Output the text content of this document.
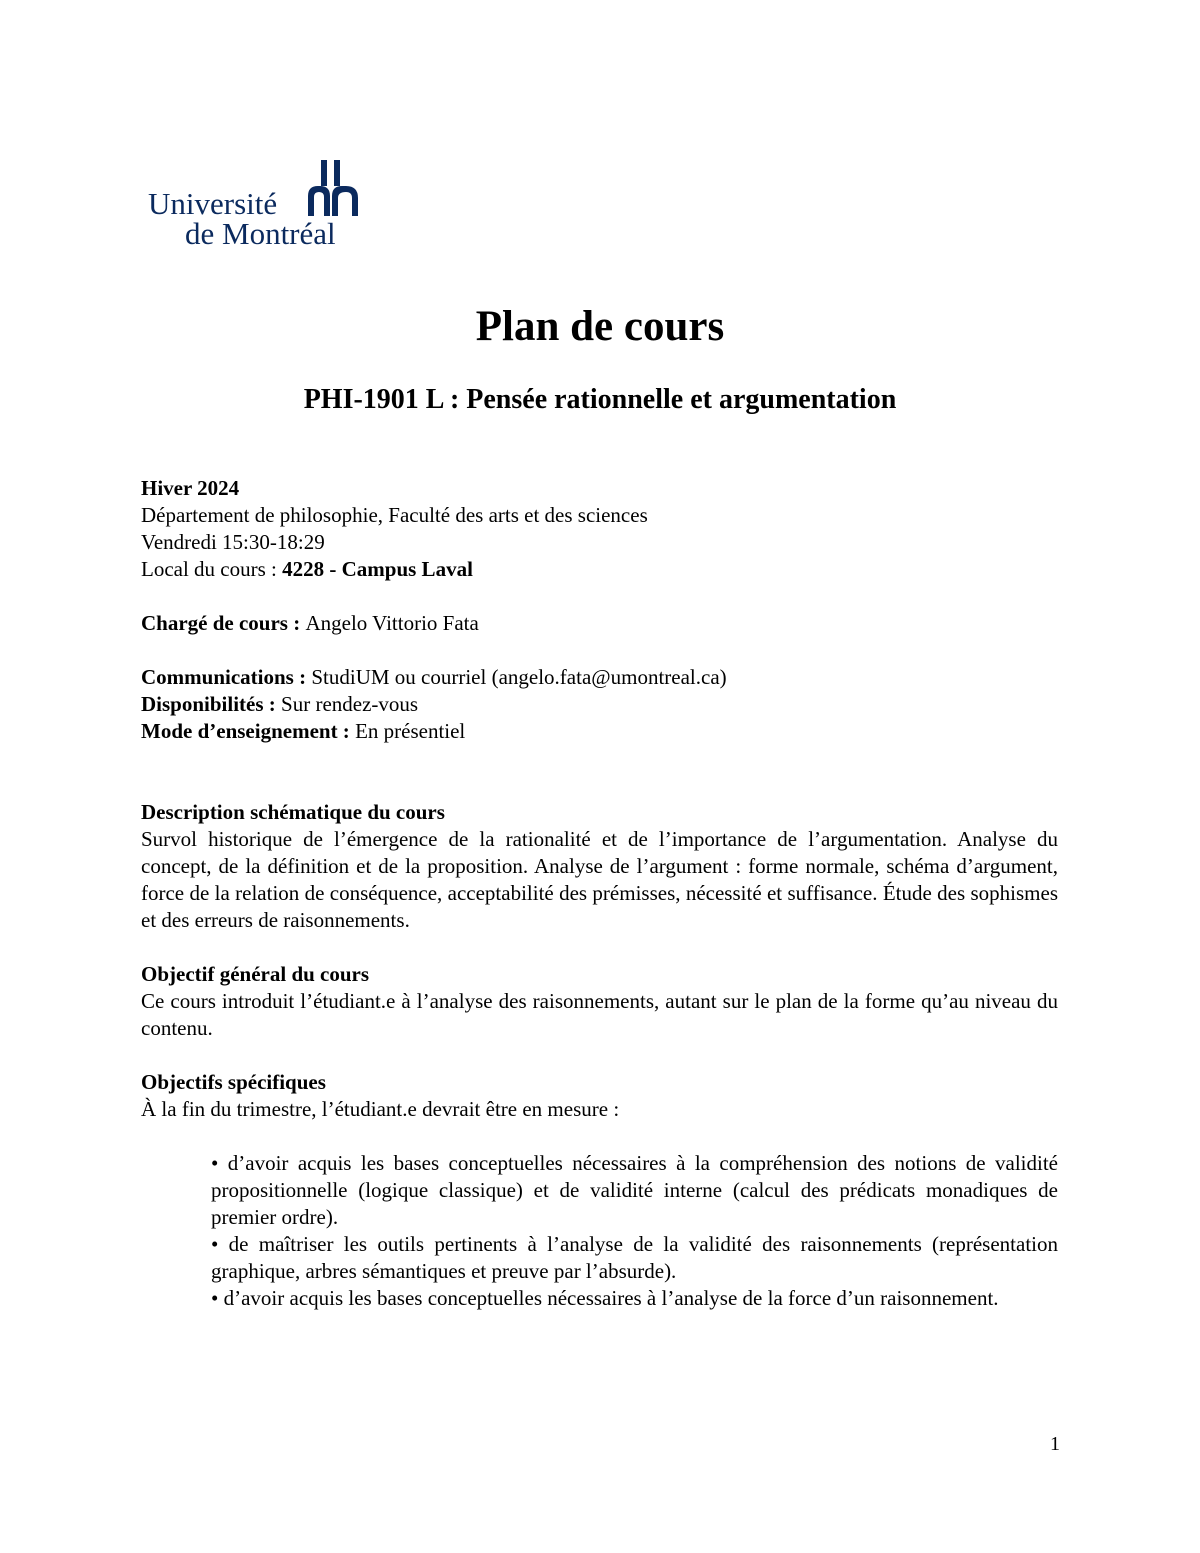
Université
de Montréal
Plan de cours
PHI-1901 L : Pensée rationnelle et argumentation
Hiver 2024
Département de philosophie, Faculté des arts et des sciences
Vendredi 15:30-18:29
Local du cours : 4228 - Campus Laval
Chargé de cours : Angelo Vittorio Fata
Communications : StudiUM ou courriel (angelo.fata@umontreal.ca)
Disponibilités : Sur rendez-vous
Mode d’enseignement : En présentiel
Description schématique du cours
Survol historique de l’émergence de la rationalité et de l’importance de l’argumentation. Analyse du concept, de la définition et de la proposition. Analyse de l’argument : forme normale, schéma d’argument, force de la relation de conséquence, acceptabilité des prémisses, nécessité et suffisance. Étude des sophismes et des erreurs de raisonnements.
Objectif général du cours
Ce cours introduit l’étudiant.e à l’analyse des raisonnements, autant sur le plan de la forme qu’au niveau du contenu.
Objectifs spécifiques
À la fin du trimestre, l’étudiant.e devrait être en mesure :
• d’avoir acquis les bases conceptuelles nécessaires à la compréhension des notions de validité propositionnelle (logique classique) et de validité interne (calcul des prédicats monadiques de premier ordre).
• de maîtriser les outils pertinents à l’analyse de la validité des raisonnements (représentation graphique, arbres sémantiques et preuve par l’absurde).
• d’avoir acquis les bases conceptuelles nécessaires à l’analyse de la force d’un raisonnement.
1
